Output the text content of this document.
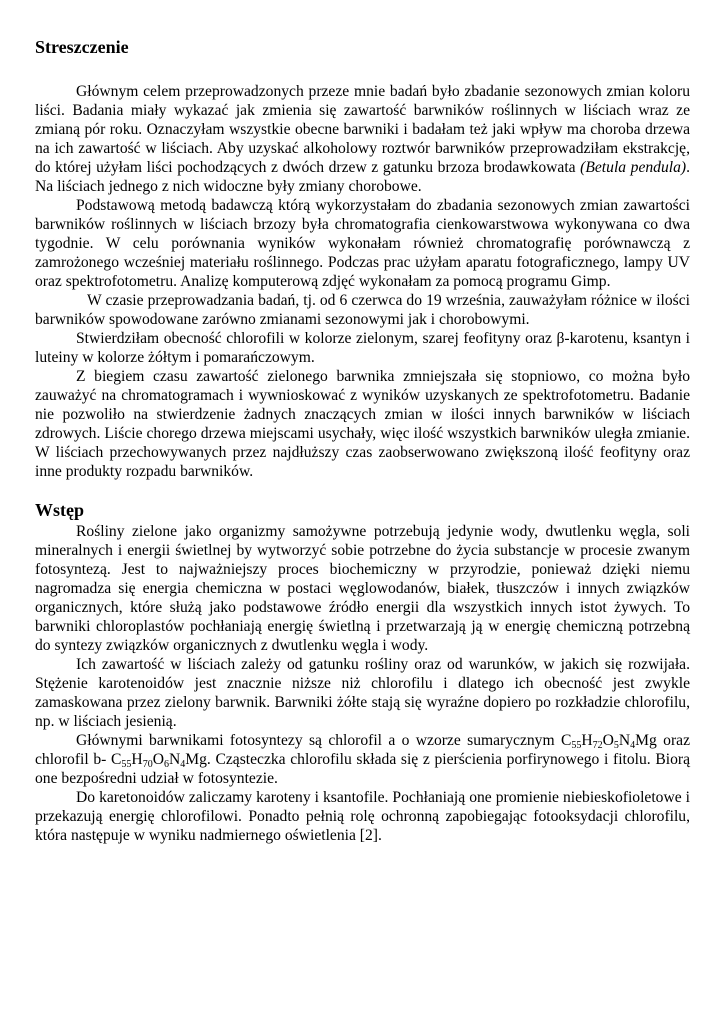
Streszczenie

Głównym celem przeprowadzonych przeze mnie badań było zbadanie sezonowych zmian koloru liści. Badania miały wykazać jak zmienia się zawartość barwników roślinnych w liściach wraz ze zmianą pór roku. Oznaczyłam wszystkie obecne barwniki i badałam też jaki wpływ ma choroba drzewa na ich zawartość w liściach. Aby uzyskać alkoholowy roztwór barwników przeprowadziłam ekstrakcję, do której użyłam liści pochodzących z dwóch drzew z gatunku brzoza brodawkowata (Betula pendula). Na liściach jednego z nich widoczne były zmiany chorobowe.

Podstawową metodą badawczą którą wykorzystałam do zbadania sezonowych zmian zawartości barwników roślinnych w liściach brzozy była chromatografia cienkowarstwowa wykonywana co dwa tygodnie. W celu porównania wyników wykonałam również chromatografię porównawczą z zamrożonego wcześniej materiału roślinnego. Podczas prac użyłam aparatu fotograficznego, lampy UV oraz spektrofotometru. Analizę komputerową zdjęć wykonałam za pomocą programu Gimp.

W czasie przeprowadzania badań, tj. od 6 czerwca do 19 września, zauważyłam różnice w ilości barwników spowodowane zarówno zmianami sezonowymi jak i chorobowymi.

Stwierdziłam obecność chlorofili w kolorze zielonym, szarej feofityny oraz β-karotenu, ksantyn i luteiny w kolorze żółtym i pomarańczowym.

Z biegiem czasu zawartość zielonego barwnika zmniejszała się stopniowo, co można było zauważyć na chromatogramach i wywnioskować z wyników uzyskanych ze spektrofotometru. Badanie nie pozwoliło na stwierdzenie żadnych znaczących zmian w ilości innych barwników w liściach zdrowych. Liście chorego drzewa miejscami usychały, więc ilość wszystkich barwników uległa zmianie. W liściach przechowywanych przez najdłuższy czas zaobserwowano zwiększoną ilość feofityny oraz inne produkty rozpadu barwników.

Wstęp

Rośliny zielone jako organizmy samożywne potrzebują jedynie wody, dwutlenku węgla, soli mineralnych i energii świetlnej by wytworzyć sobie potrzebne do życia substancje w procesie zwanym fotosyntezą. Jest to najważniejszy proces biochemiczny w przyrodzie, ponieważ dzięki niemu nagromadza się energia chemiczna w postaci węglowodanów, białek, tłuszczów i innych związków organicznych, które służą jako podstawowe źródło energii dla wszystkich innych istot żywych. To barwniki chloroplastów pochłaniają energię świetlną i przetwarzają ją w energię chemiczną potrzebną do syntezy związków organicznych z dwutlenku węgla i wody.

Ich zawartość w liściach zależy od gatunku rośliny oraz od warunków, w jakich się rozwijała. Stężenie karotenoidów jest znacznie niższe niż chlorofilu i dlatego ich obecność jest zwykle zamaskowana przez zielony barwnik. Barwniki żółte stają się wyraźne dopiero po rozkładzie chlorofilu, np. w liściach jesienią.

Głównymi barwnikami fotosyntezy są chlorofil a o wzorze sumarycznym $C_{55}H_{72}O_5N_4Mg$ oraz chlorofil b- $C_{55}H_{70}O_6N_4Mg$. Cząsteczka chlorofilu składa się z pierścienia porfirynowego i fitolu. Biorą one bezpośredni udział w fotosyntezie.

Do karetonoidów zaliczamy karoteny i ksantofile. Pochłaniają one promienie niebieskofioletowe i przekazują energię chlorofilowi. Ponadto pełnią rolę ochronną zapobiegając fotooksydacji chlorofilu, która następuje w wyniku nadmiernego oświetlenia [2].
